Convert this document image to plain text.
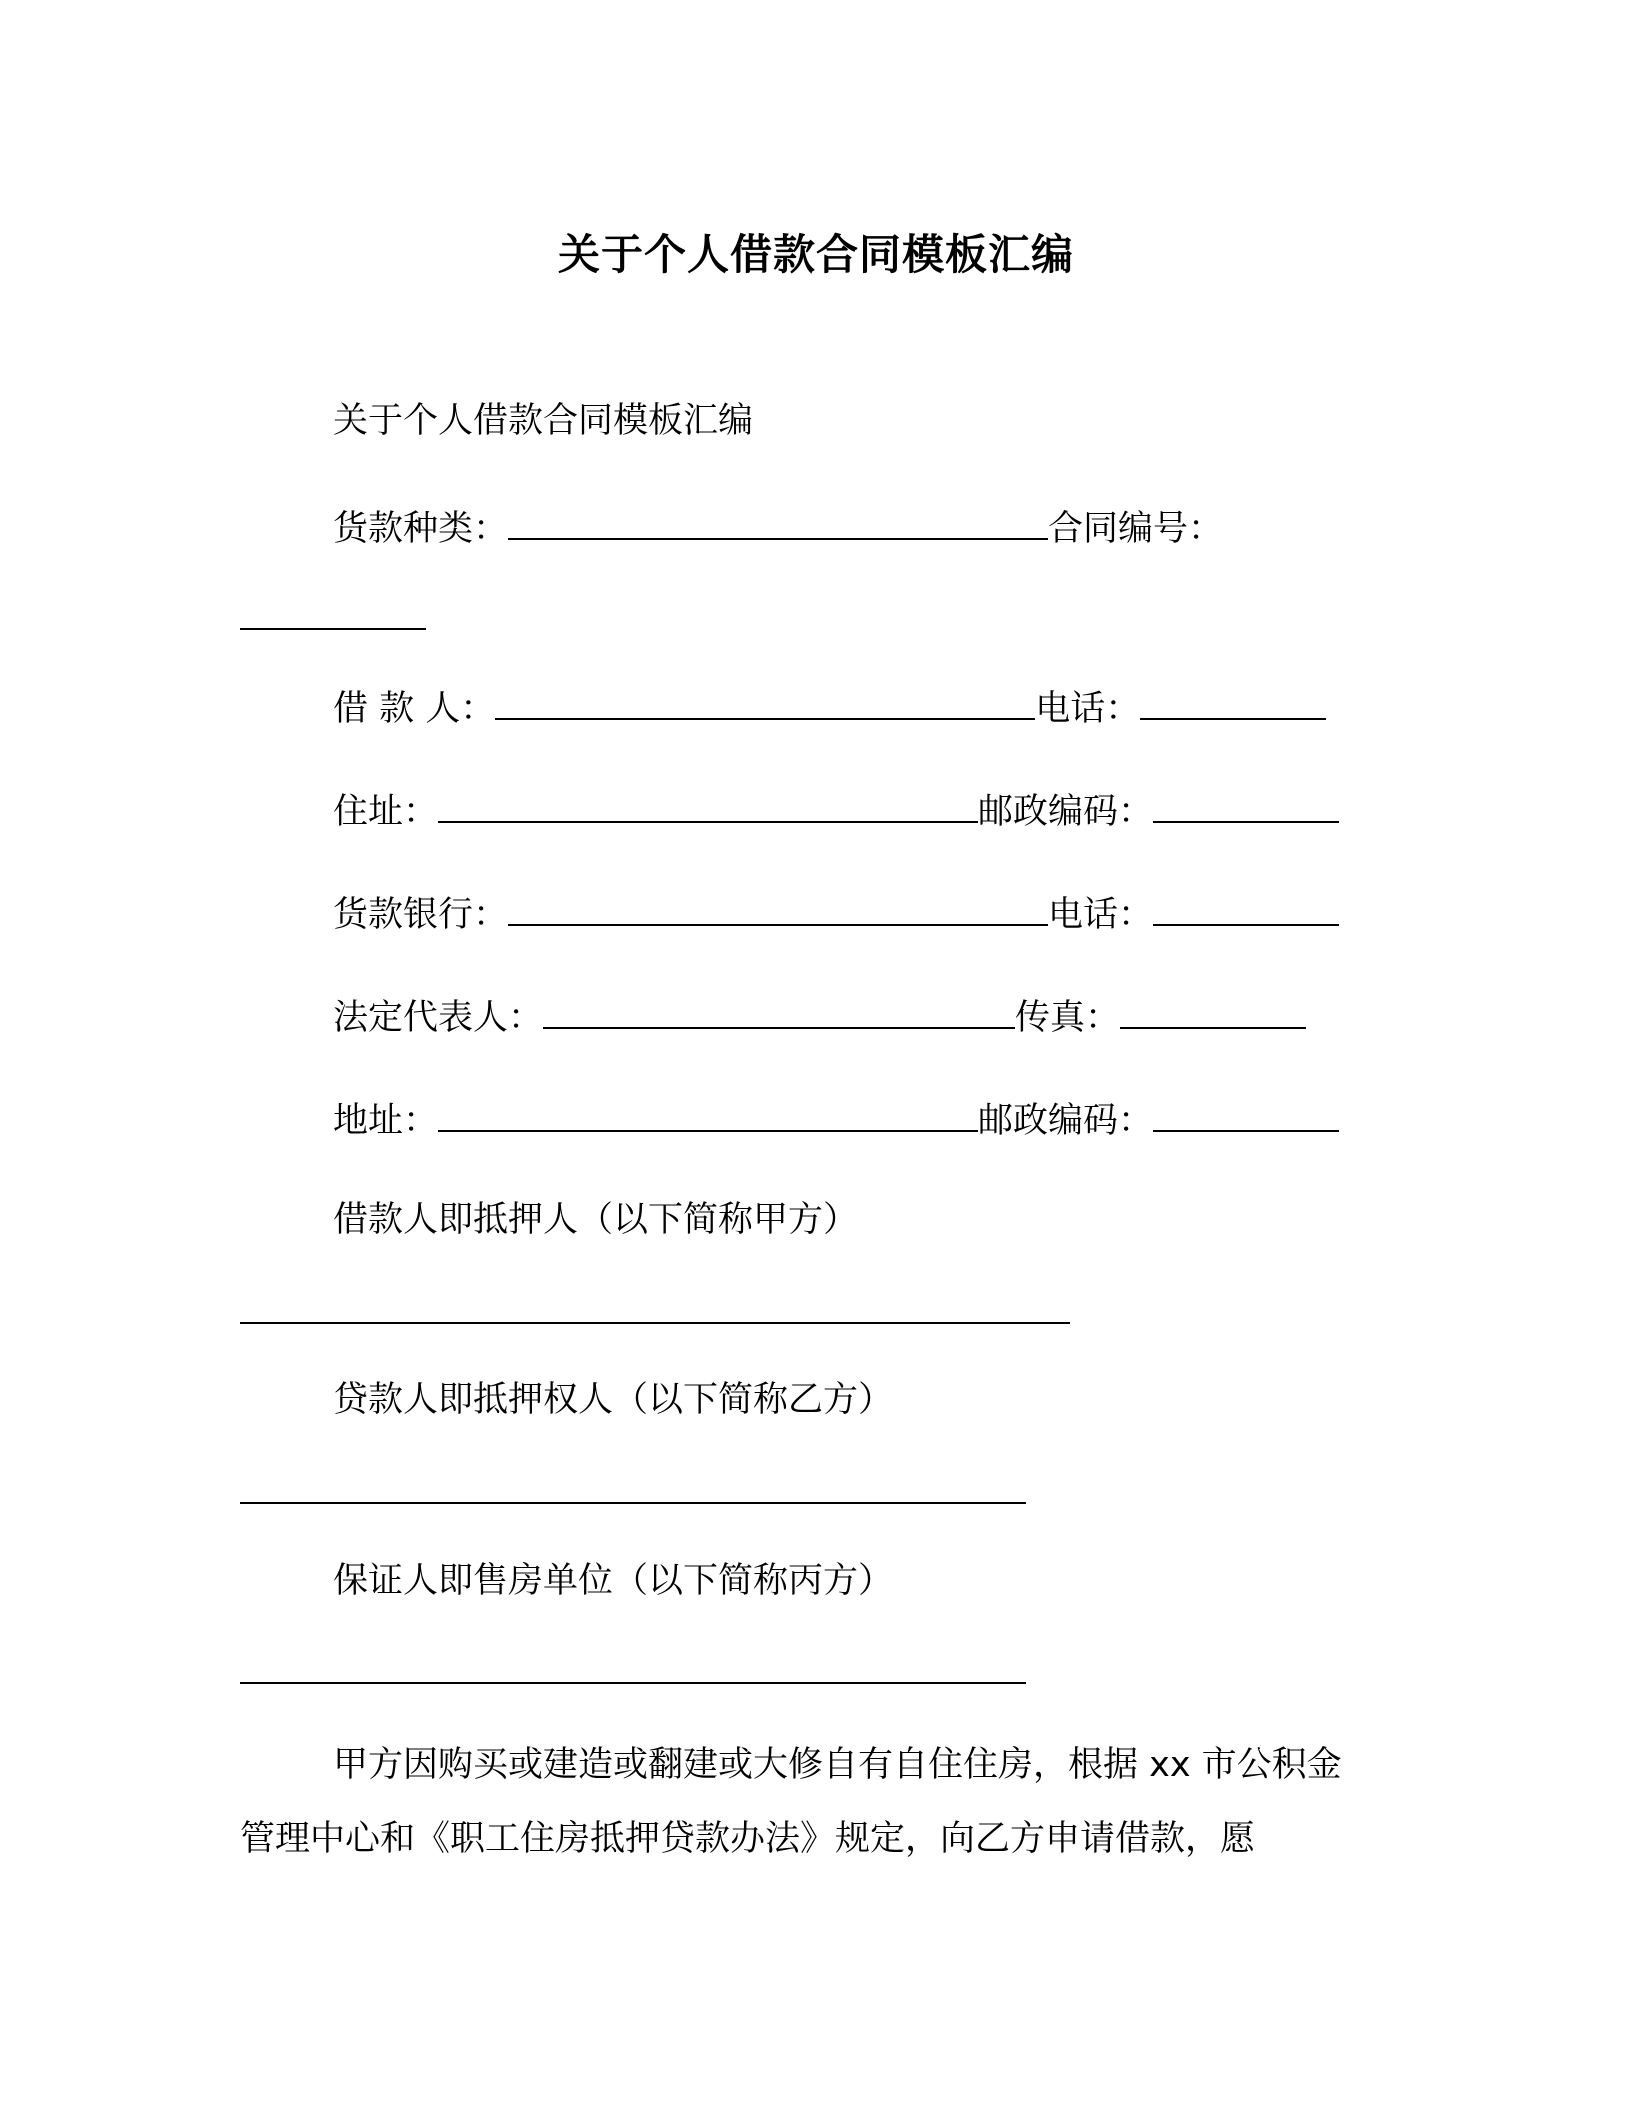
关于个人借款合同模板汇编
关于个人借款合同模板汇编
货款种类：	合同编号：
借 款 人：	电话：
住址：	邮政编码：
货款银行：	电话：
法定代表人：	传真：
地址：	邮政编码：
借款人即抵押人（以下简称甲方）
贷款人即抵押权人（以下简称乙方）
保证人即售房单位（以下简称丙方）
甲方因购买或建造或翻建或大修自有自住住房，根据 xx 市公积金管理中心和《职工住房抵押贷款办法》规定，向乙方申请借款，愿
